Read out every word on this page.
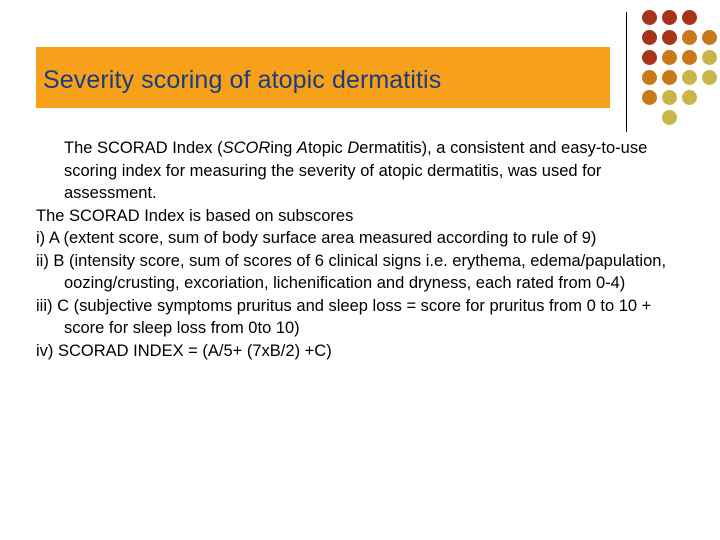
Severity scoring of atopic dermatitis

The SCORAD Index (SCORing Atopic Dermatitis), a consistent and easy-to-use scoring index for measuring the severity of atopic dermatitis, was used for assessment.

The SCORAD Index is based on subscores

i) A (extent score, sum of body surface area measured according to rule of 9)

ii) B (intensity score, sum of scores of 6 clinical signs i.e. erythema, edema/papulation, oozing/crusting, excoriation, lichenification and dryness, each rated from 0-4)

iii) C (subjective symptoms pruritus and sleep loss = score for pruritus from 0 to 10 + score for sleep loss from 0to 10)

iv) SCORAD INDEX = (A/5+ (7xB/2) +C)
